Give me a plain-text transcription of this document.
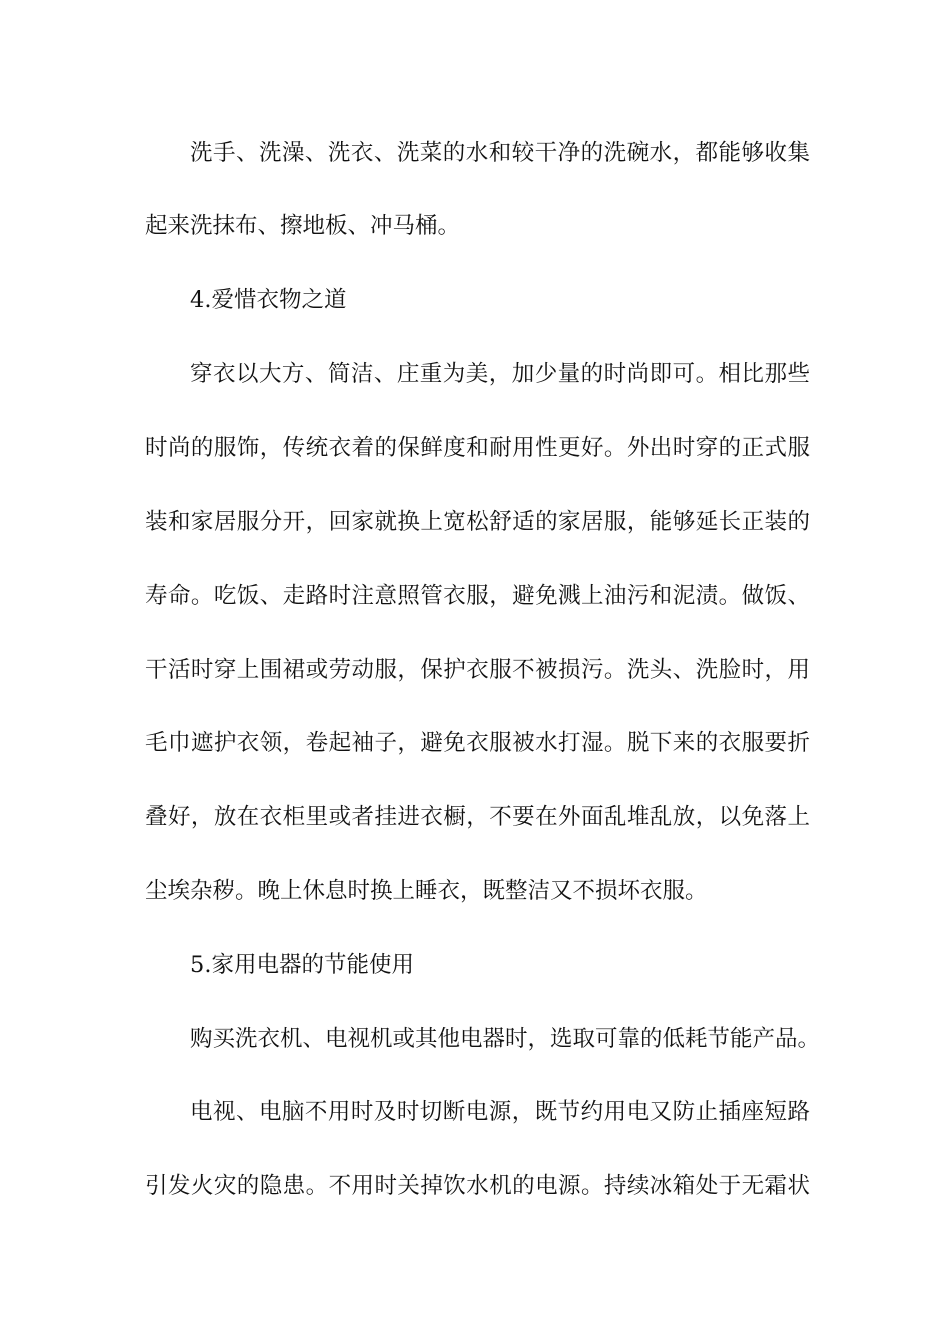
洗手、洗澡、洗衣、洗菜的水和较干净的洗碗水，都能够收集
起来洗抹布、擦地板、冲马桶。
4.爱惜衣物之道
穿衣以大方、简洁、庄重为美，加少量的时尚即可。相比那些
时尚的服饰，传统衣着的保鲜度和耐用性更好。外出时穿的正式服
装和家居服分开，回家就换上宽松舒适的家居服，能够延长正装的
寿命。吃饭、走路时注意照管衣服，避免溅上油污和泥渍。做饭、
干活时穿上围裙或劳动服，保护衣服不被损污。洗头、洗脸时，用
毛巾遮护衣领，卷起袖子，避免衣服被水打湿。脱下来的衣服要折
叠好，放在衣柜里或者挂进衣橱，不要在外面乱堆乱放，以免落上
尘埃杂秽。晚上休息时换上睡衣，既整洁又不损坏衣服。
5.家用电器的节能使用
购买洗衣机、电视机或其他电器时，选取可靠的低耗节能产品。
电视、电脑不用时及时切断电源，既节约用电又防止插座短路
引发火灾的隐患。不用时关掉饮水机的电源。持续冰箱处于无霜状
